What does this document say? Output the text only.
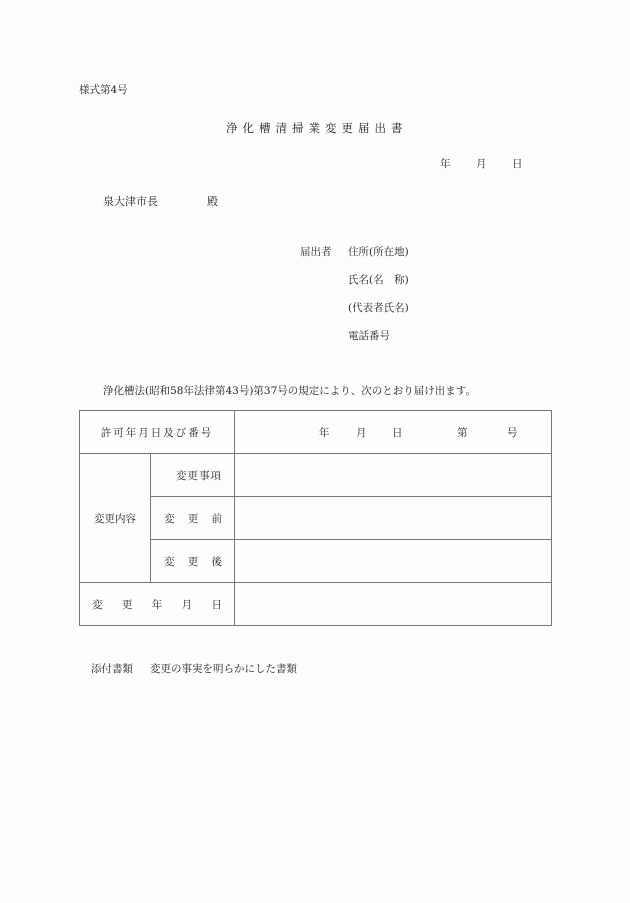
様式第4号
浄化槽清掃業変更届出書
年 月 日
泉大津市長	殿
届出者 住所(所在地)
氏名(名　称)
(代表者氏名)
電話番号
浄化槽法(昭和58年法律第43号)第37号の規定により、次のとおり届け出ます。
許可年月日及び番号		年 月 日 第 号

変更内容	変更事項	

	変 更 前	

	変 更 後	

変 更 年 月 日		

添付書類 変更の事実を明らかにした書類
